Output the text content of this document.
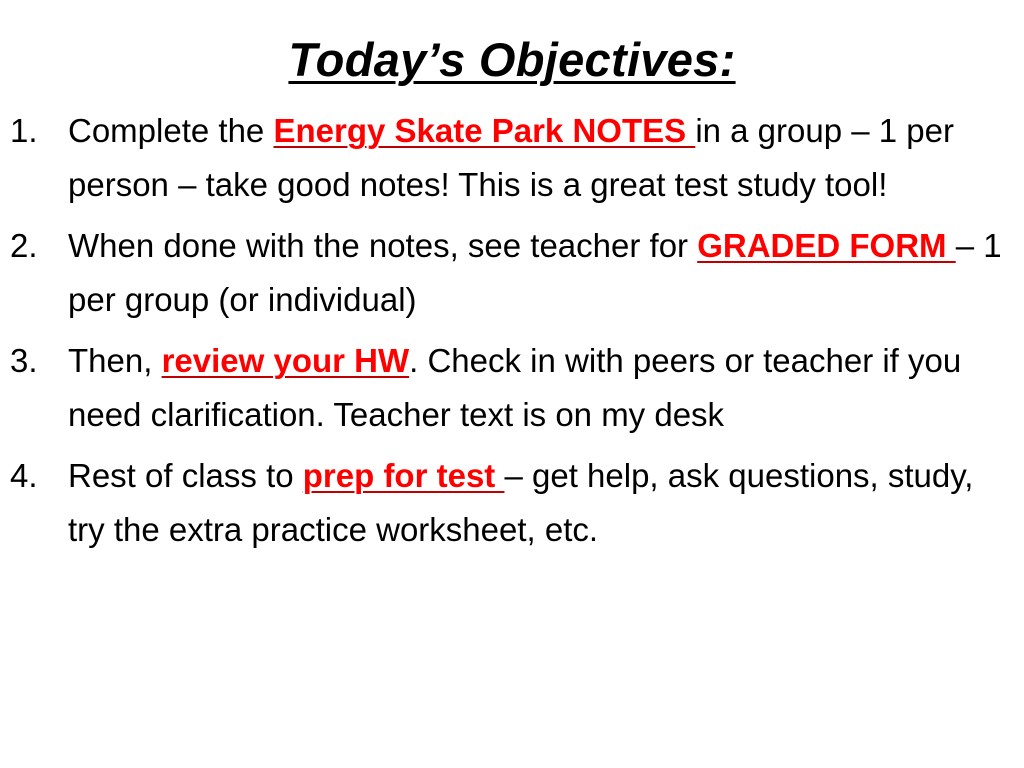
Today’s Objectives:
1. Complete the Energy Skate Park NOTES in a group – 1 per person – take good notes! This is a great test study tool!
2. When done with the notes, see teacher for GRADED FORM – 1 per group (or individual)
3. Then, review your HW. Check in with peers or teacher if you need clarification. Teacher text is on my desk
4. Rest of class to prep for test – get help, ask questions, study, try the extra practice worksheet, etc.
